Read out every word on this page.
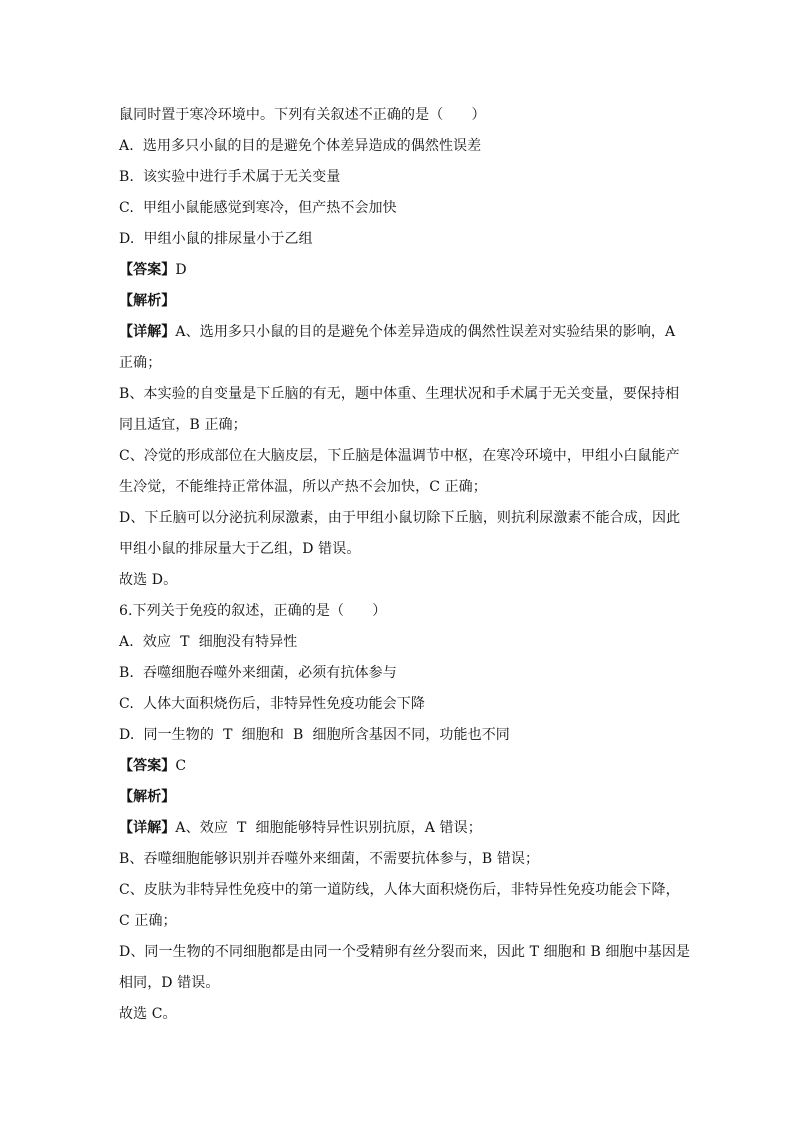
鼠同时置于寒冷环境中。下列有关叙述不正确的是（　　）

A.  选用多只小鼠的目的是避免个体差异造成的偶然性误差

B.  该实验中进行手术属于无关变量

C.  甲组小鼠能感觉到寒冷，但产热不会加快

D.  甲组小鼠的排尿量小于乙组

【答案】D

【解析】

【详解】A、选用多只小鼠的目的是避免个体差异造成的偶然性误差对实验结果的影响，A

正确；

B、本实验的自变量是下丘脑的有无，题中体重、生理状况和手术属于无关变量，要保持相

同且适宜，B 正确；

C、冷觉的形成部位在大脑皮层，下丘脑是体温调节中枢，在寒冷环境中，甲组小白鼠能产

生冷觉，不能维持正常体温，所以产热不会加快，C 正确；

D、下丘脑可以分泌抗利尿激素，由于甲组小鼠切除下丘脑，则抗利尿激素不能合成，因此

甲组小鼠的排尿量大于乙组，D 错误。

故选 D。

6.下列关于免疫的叙述，正确的是（　　）

A.  效应  T  细胞没有特异性

B.  吞噬细胞吞噬外来细菌，必须有抗体参与

C.  人体大面积烧伤后，非特异性免疫功能会下降

D.  同一生物的  T  细胞和  B  细胞所含基因不同，功能也不同

【答案】C

【解析】

【详解】A、效应  T  细胞能够特异性识别抗原，A 错误；

B、吞噬细胞能够识别并吞噬外来细菌，不需要抗体参与，B 错误；

C、皮肤为非特异性免疫中的第一道防线，人体大面积烧伤后，非特异性免疫功能会下降，

C 正确；

D、同一生物的不同细胞都是由同一个受精卵有丝分裂而来，因此 T 细胞和 B 细胞中基因是

相同，D 错误。

故选 C。
